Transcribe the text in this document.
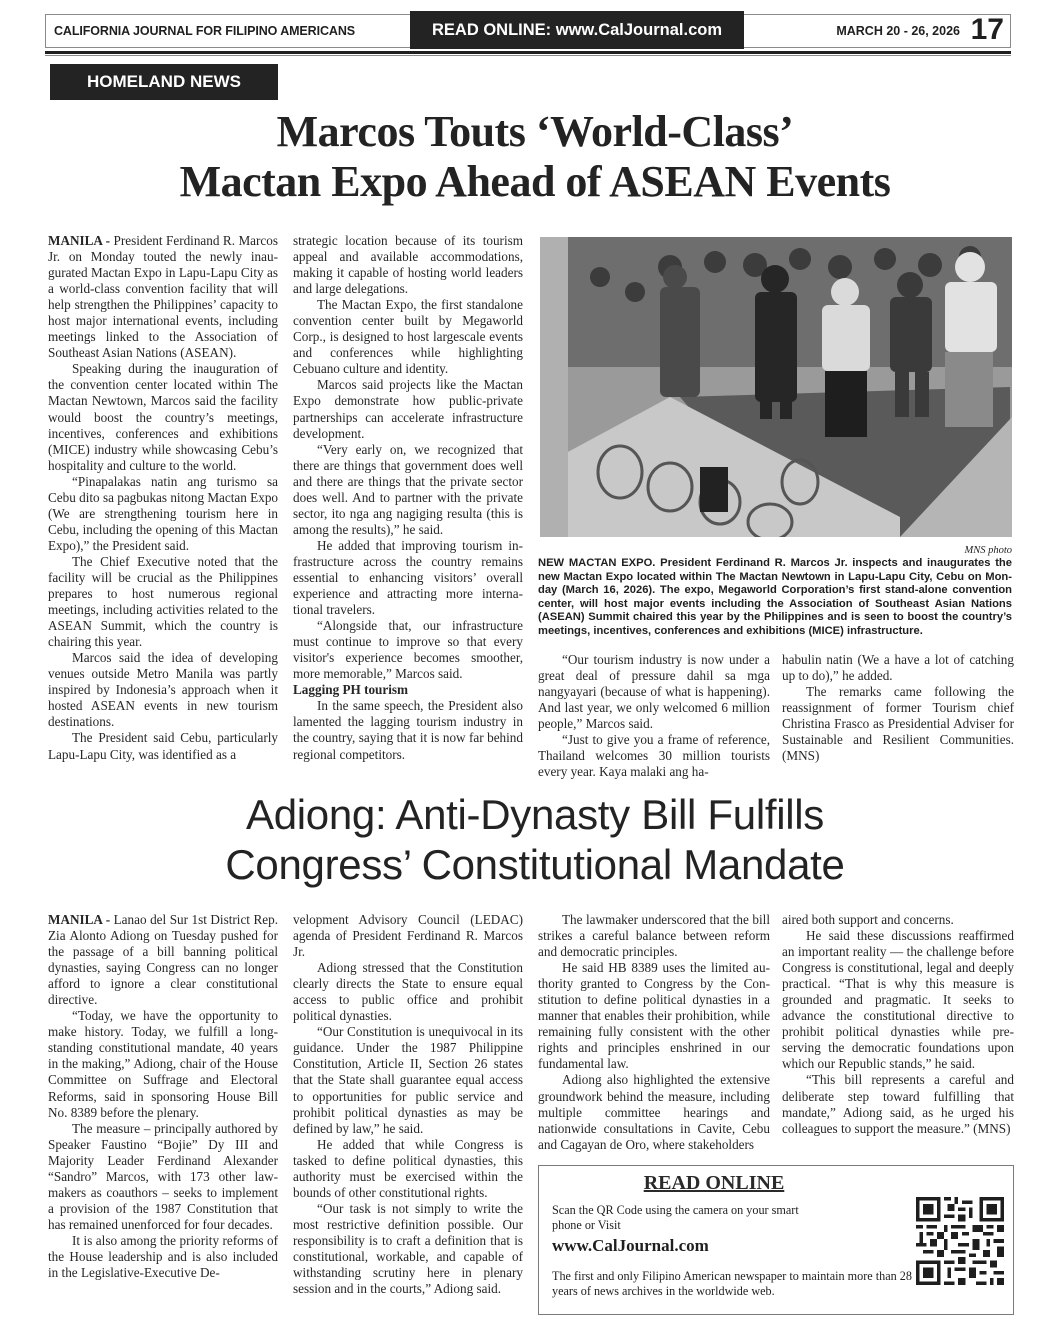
CALIFORNIA JOURNAL FOR FILIPINO AMERICANS	READ ONLINE: www.CalJournal.com	MARCH 20 - 26, 2026 17
HOMELAND NEWS
Marcos Touts ‘World-Class’
Mactan Expo Ahead of ASEAN Events

MANILA - President Ferdinand R. Marcos Jr. on Monday touted the newly inaugurated Mactan Expo in Lapu-Lapu City as a world-class convention facility that will help strengthen the Philippines’ capacity to host major international events, including meetings linked to the Association of Southeast Asian Nations (ASEAN).

Speaking during the inauguration of the convention center located within The Mactan Newtown, Marcos said the facility would boost the country’s meetings, incentives, conferences and exhibitions (MICE) industry while showcasing Cebu’s hospitality and culture to the world.

“Pinapalakas natin ang turismo sa Cebu dito sa pagbukas nitong Mactan Expo (We are strengthening tourism here in Cebu, including the opening of this Mactan Expo),” the President said.

The Chief Executive noted that the facility will be crucial as the Philippines prepares to host numerous regional meetings, including activities related to the ASEAN Summit, which the country is chairing this year.

Marcos said the idea of developing venues outside Metro Manila was partly inspired by Indonesia’s approach when it hosted ASEAN events in new tourism destinations.

The President said Cebu, particularly Lapu-Lapu City, was identified as a

strategic location because of its tourism appeal and available accommodations, making it capable of hosting world leaders and large delegations.

The Mactan Expo, the first standalone convention center built by Megaworld Corp., is designed to host largescale events and conferences while highlighting Cebuano culture and identity.

Marcos said projects like the Mactan Expo demonstrate how public-private partnerships can accelerate infrastructure development.

“Very early on, we recognized that there are things that government does well and there are things that the private sector does well. And to partner with the private sector, ito nga ang nagiging resulta (this is among the results),” he said.

He added that improving tourism infrastructure across the country remains essential to enhancing visitors’ overall experience and attracting more international travelers.

“Alongside that, our infrastructure must continue to improve so that every visitor's experience becomes smoother, more memorable,” Marcos said.

Lagging PH tourism

In the same speech, the President also lamented the lagging tourism industry in the country, saying that it is now far behind regional competitors.

MNS photo
NEW MACTAN EXPO. President Ferdinand R. Marcos Jr. inspects and inaugurates the new Mactan Expo located within The Mactan Newtown in Lapu-Lapu City, Cebu on Monday (March 16, 2026). The expo, Megaworld Corporation’s first stand-alone convention center, will host major events including the Association of Southeast Asian Nations (ASEAN) Summit chaired this year by the Philippines and is seen to boost the country’s meetings, incentives, conferences and exhibitions (MICE) infrastructure.

“Our tourism industry is now under a great deal of pressure dahil sa mga nangyayari (because of what is happening). And last year, we only welcomed 6 million people,” Marcos said.

“Just to give you a frame of reference, Thailand welcomes 30 million tourists every year. Kaya malaki ang ha-

habulin natin (We a have a lot of catching up to do),” he added.

The remarks came following the reassignment of former Tourism chief Christina Frasco as Presidential Adviser for Sustainable and Resilient Communities. (MNS)

Adiong: Anti-Dynasty Bill Fulfills
Congress’ Constitutional Mandate

MANILA - Lanao del Sur 1st District Rep. Zia Alonto Adiong on Tuesday pushed for the passage of a bill banning political dynasties, saying Congress can no longer afford to ignore a clear constitutional directive.

“Today, we have the opportunity to make history. Today, we fulfill a long-standing constitutional mandate, 40 years in the making,” Adiong, chair of the House Committee on Suffrage and Electoral Reforms, said in sponsoring House Bill No. 8389 before the plenary.

The measure – principally authored by Speaker Faustino “Bojie” Dy III and Majority Leader Ferdinand Alexander “Sandro” Marcos, with 173 other lawmakers as coauthors – seeks to implement a provision of the 1987 Constitution that has remained unenforced for four decades.

It is also among the priority reforms of the House leadership and is also included in the Legislative-Executive De-

velopment Advisory Council (LEDAC) agenda of President Ferdinand R. Marcos Jr.

Adiong stressed that the Constitution clearly directs the State to ensure equal access to public office and prohibit political dynasties.

“Our Constitution is unequivocal in its guidance. Under the 1987 Philippine Constitution, Article II, Section 26 states that the State shall guarantee equal access to opportunities for public service and prohibit political dynasties as may be defined by law,” he said.

He added that while Congress is tasked to define political dynasties, this authority must be exercised within the bounds of other constitutional rights.

“Our task is not simply to write the most restrictive definition possible. Our responsibility is to craft a definition that is constitutional, workable, and capable of withstanding scrutiny here in plenary session and in the courts,” Adiong said.

The lawmaker underscored that the bill strikes a careful balance between reform and democratic principles.

He said HB 8389 uses the limited authority granted to Congress by the Constitution to define political dynasties in a manner that enables their prohibition, while remaining fully consistent with the other rights and principles enshrined in our fundamental law.

Adiong also highlighted the extensive groundwork behind the measure, including multiple committee hearings and nationwide consultations in Cavite, Cebu and Cagayan de Oro, where stakeholders

aired both support and concerns.

He said these discussions reaffirmed an important reality — the challenge before Congress is constitutional, legal and deeply practical. “That is why this measure is grounded and pragmatic. It seeks to advance the constitutional directive to prohibit political dynasties while preserving the democratic foundations upon which our Republic stands,” he said.

“This bill represents a careful and deliberate step toward fulfilling that mandate,” Adiong said, as he urged his colleagues to support the measure.” (MNS)

READ ONLINE
Scan the QR Code using the camera on your smart phone or Visit
www.CalJournal.com
The first and only Filipino American newspaper to maintain more than 28 years of news archives in the worldwide web.
